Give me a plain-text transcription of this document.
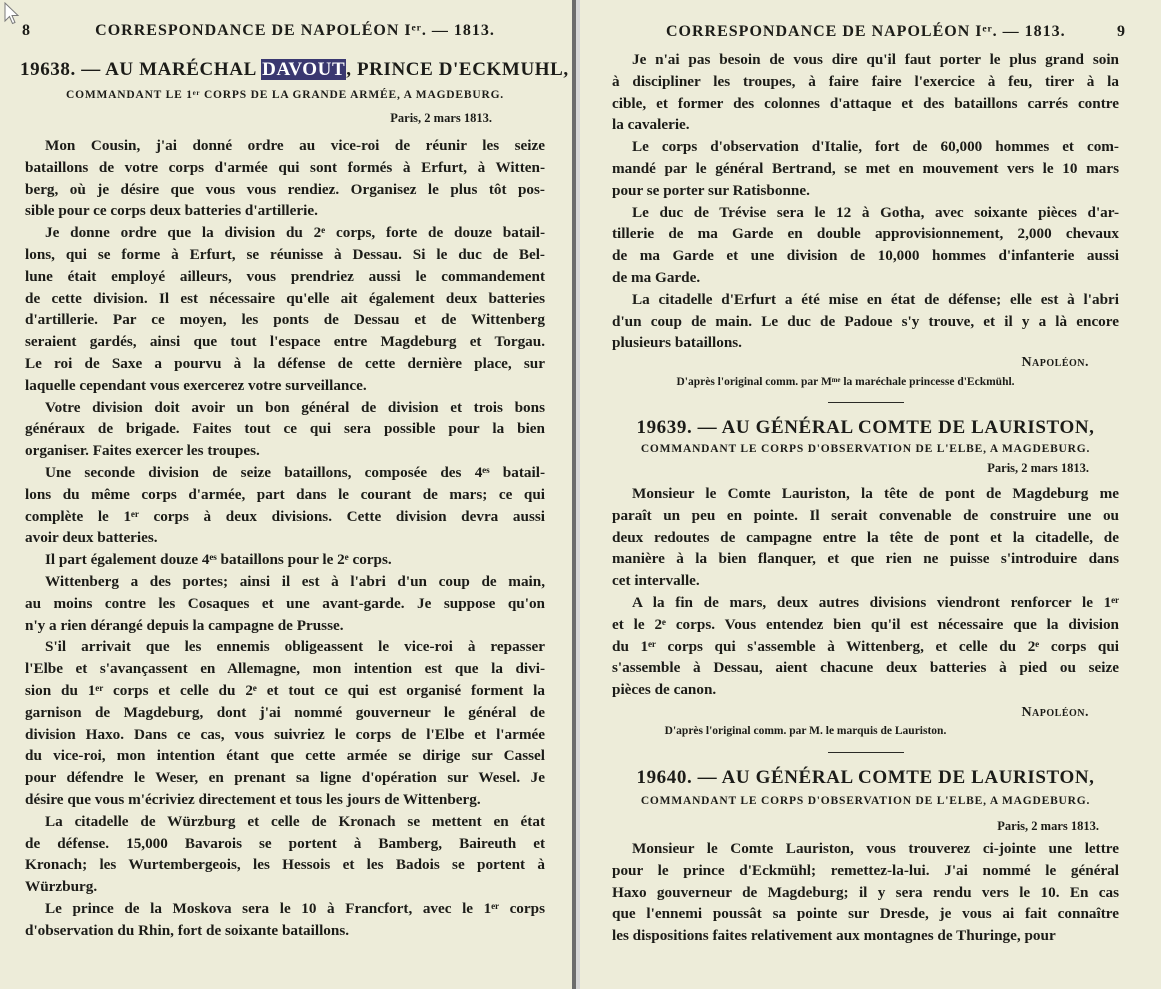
8	CORRESPONDANCE DE NAPOLÉON Iᵉʳ. — 1813.
19638. — AU MARÉCHAL DAVOUT, PRINCE D'ECKMUHL,
COMMANDANT LE 1ᵉʳ CORPS DE LA GRANDE ARMÉE, A MAGDEBURG.
Paris, 2 mars 1813.
Mon Cousin, j'ai donné ordre au vice-roi de réunir les seize
bataillons de votre corps d'armée qui sont formés à Erfurt, à Witten-
berg, où je désire que vous vous rendiez. Organisez le plus tôt pos-
sible pour ce corps deux batteries d'artillerie.
Je donne ordre que la division du 2ᵉ corps, forte de douze batail-
lons, qui se forme à Erfurt, se réunisse à Dessau. Si le duc de Bel-
lune était employé ailleurs, vous prendriez aussi le commandement
de cette division. Il est nécessaire qu'elle ait également deux batteries
d'artillerie. Par ce moyen, les ponts de Dessau et de Wittenberg
seraient gardés, ainsi que tout l'espace entre Magdeburg et Torgau.
Le roi de Saxe a pourvu à la défense de cette dernière place, sur
laquelle cependant vous exercerez votre surveillance.
Votre division doit avoir un bon général de division et trois bons
généraux de brigade. Faites tout ce qui sera possible pour la bien
organiser. Faites exercer les troupes.
Une seconde division de seize bataillons, composée des 4ᵉˢ batail-
lons du même corps d'armée, part dans le courant de mars; ce qui
complète le 1ᵉʳ corps à deux divisions. Cette division devra aussi
avoir deux batteries.
Il part également douze 4ᵉˢ bataillons pour le 2ᵉ corps.
Wittenberg a des portes; ainsi il est à l'abri d'un coup de main,
au moins contre les Cosaques et une avant-garde. Je suppose qu'on
n'y a rien dérangé depuis la campagne de Prusse.
S'il arrivait que les ennemis obligeassent le vice-roi à repasser
l'Elbe et s'avançassent en Allemagne, mon intention est que la divi-
sion du 1ᵉʳ corps et celle du 2ᵉ et tout ce qui est organisé forment la
garnison de Magdeburg, dont j'ai nommé gouverneur le général de
division Haxo. Dans ce cas, vous suivriez le corps de l'Elbe et l'armée
du vice-roi, mon intention étant que cette armée se dirige sur Cassel
pour défendre le Weser, en prenant sa ligne d'opération sur Wesel. Je
désire que vous m'écriviez directement et tous les jours de Wittenberg.
La citadelle de Würzburg et celle de Kronach se mettent en état
de défense. 15,000 Bavarois se portent à Bamberg, Baireuth et
Kronach; les Wurtembergeois, les Hessois et les Badois se portent à
Würzburg.
Le prince de la Moskova sera le 10 à Francfort, avec le 1ᵉʳ corps
d'observation du Rhin, fort de soixante bataillons.
CORRESPONDANCE DE NAPOLÉON Iᵉʳ. — 1813.	9
Je n'ai pas besoin de vous dire qu'il faut porter le plus grand soin
à discipliner les troupes, à faire faire l'exercice à feu, tirer à la
cible, et former des colonnes d'attaque et des bataillons carrés contre
la cavalerie.
Le corps d'observation d'Italie, fort de 60,000 hommes et com-
mandé par le général Bertrand, se met en mouvement vers le 10 mars
pour se porter sur Ratisbonne.
Le duc de Trévise sera le 12 à Gotha, avec soixante pièces d'ar-
tillerie de ma Garde en double approvisionnement, 2,000 chevaux
de ma Garde et une division de 10,000 hommes d'infanterie aussi
de ma Garde.
La citadelle d'Erfurt a été mise en état de défense; elle est à l'abri
d'un coup de main. Le duc de Padoue s'y trouve, et il y a là encore
plusieurs bataillons.
Napoléon.
D'après l'original comm. par Mᵐᵉ la maréchale princesse d'Eckmühl.
19639. — AU GÉNÉRAL COMTE DE LAURISTON,
COMMANDANT LE CORPS D'OBSERVATION DE L'ELBE, A MAGDEBURG.
Paris, 2 mars 1813.
Monsieur le Comte Lauriston, la tête de pont de Magdeburg me
paraît un peu en pointe. Il serait convenable de construire une ou
deux redoutes de campagne entre la tête de pont et la citadelle, de
manière à la bien flanquer, et que rien ne puisse s'introduire dans
cet intervalle.
A la fin de mars, deux autres divisions viendront renforcer le 1ᵉʳ
et le 2ᵉ corps. Vous entendez bien qu'il est nécessaire que la division
du 1ᵉʳ corps qui s'assemble à Wittenberg, et celle du 2ᵉ corps qui
s'assemble à Dessau, aient chacune deux batteries à pied ou seize
pièces de canon.
Napoléon.
D'après l'original comm. par M. le marquis de Lauriston.
19640. — AU GÉNÉRAL COMTE DE LAURISTON,
COMMANDANT LE CORPS D'OBSERVATION DE L'ELBE, A MAGDEBURG.
Paris, 2 mars 1813.
Monsieur le Comte Lauriston, vous trouverez ci-jointe une lettre
pour le prince d'Eckmühl; remettez-la-lui. J'ai nommé le général
Haxo gouverneur de Magdeburg; il y sera rendu vers le 10. En cas
que l'ennemi poussât sa pointe sur Dresde, je vous ai fait connaître
les dispositions faites relativement aux montagnes de Thuringe, pour
